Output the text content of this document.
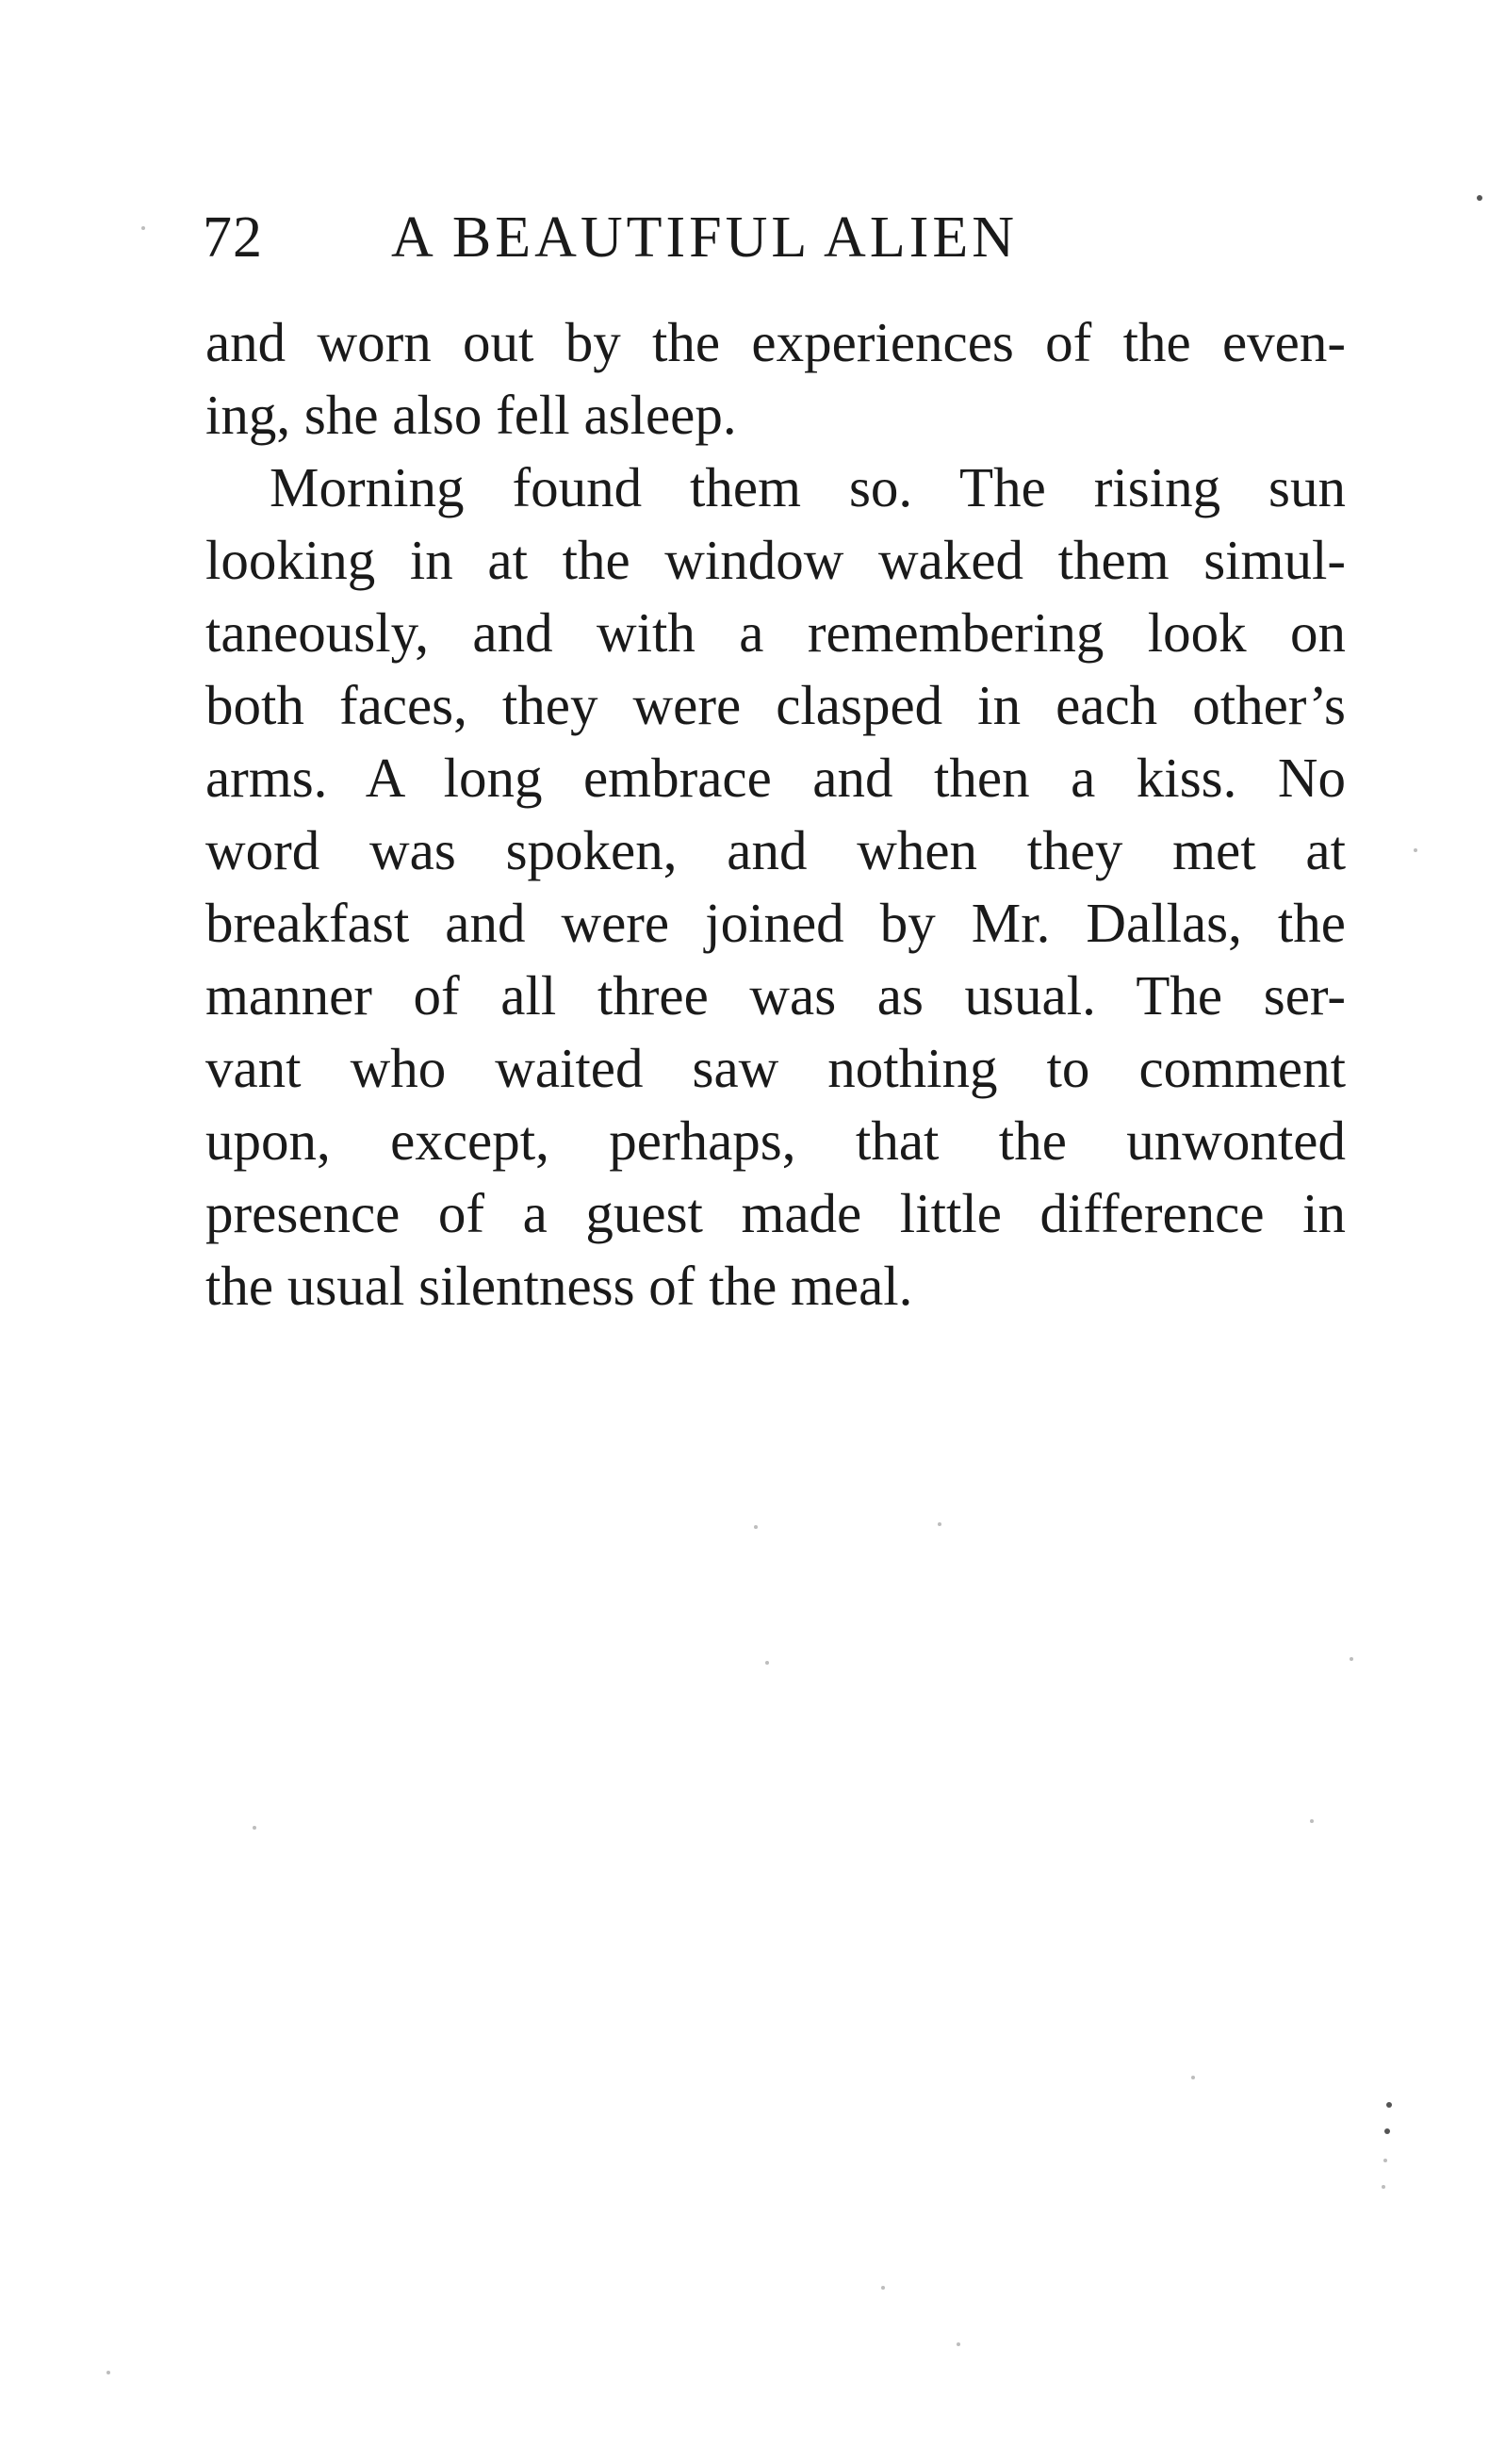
72 A BEAUTIFUL ALIEN
and worn out by the experiences of the even-
ing, she also fell asleep.
Morning found them so. The rising sun
looking in at the window waked them simul-
taneously, and with a remembering look on
both faces, they were clasped in each other’s
arms. A long embrace and then a kiss. No
word was spoken, and when they met at
breakfast and were joined by Mr. Dallas, the
manner of all three was as usual. The ser-
vant who waited saw nothing to comment
upon, except, perhaps, that the unwonted
presence of a guest made little difference in
the usual silentness of the meal.
